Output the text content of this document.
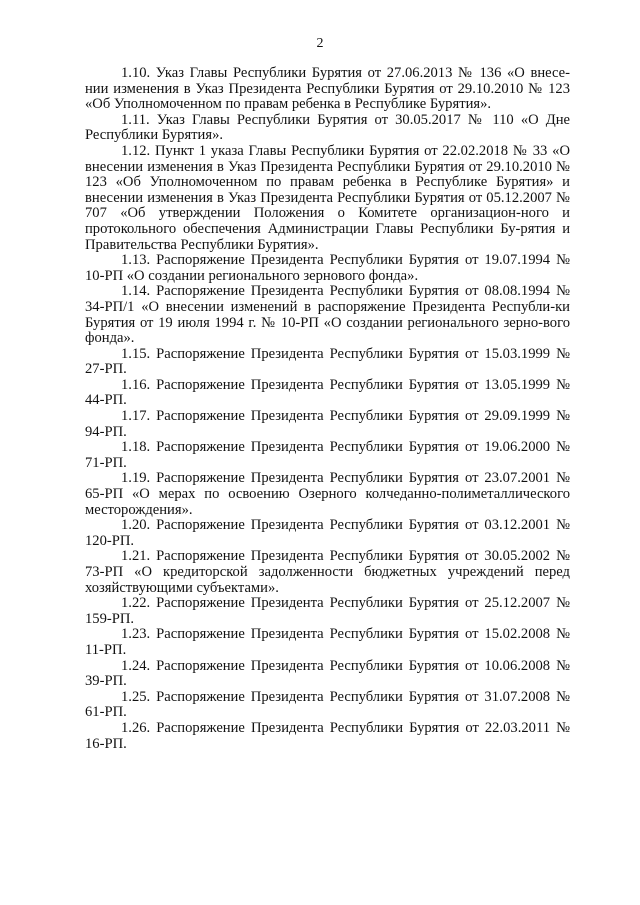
2

1.10. Указ Главы Республики Бурятия от 27.06.2013 № 136 «О внесе-нии изменения в Указ Президента Республики Бурятия от 29.10.2010 № 123 «Об Уполномоченном по правам ребенка в Республике Бурятия».

1.11. Указ Главы Республики Бурятия от 30.05.2017 № 110 «О Дне Республики Бурятия».

1.12. Пункт 1 указа Главы Республики Бурятия от 22.02.2018 № 33 «О внесении изменения в Указ Президента Республики Бурятия от 29.10.2010 № 123 «Об Уполномоченном по правам ребенка в Республике Бурятия» и внесении изменения в Указ Президента Республики Бурятия от 05.12.2007 № 707 «Об утверждении Положения о Комитете организацион-ного и протокольного обеспечения Администрации Главы Республики Бу-рятия и Правительства Республики Бурятия».

1.13. Распоряжение Президента Республики Бурятия от 19.07.1994 № 10-РП «О создании регионального зернового фонда».

1.14. Распоряжение Президента Республики Бурятия от 08.08.1994 № 34-РП/1 «О внесении изменений в распоряжение Президента Республи-ки Бурятия от 19 июля 1994 г. № 10-РП «О создании регионального зерно-вого фонда».

1.15. Распоряжение Президента Республики Бурятия от 15.03.1999 № 27-РП.

1.16. Распоряжение Президента Республики Бурятия от 13.05.1999 № 44-РП.

1.17. Распоряжение Президента Республики Бурятия от 29.09.1999 № 94-РП.

1.18. Распоряжение Президента Республики Бурятия от 19.06.2000 № 71-РП.

1.19. Распоряжение Президента Республики Бурятия от 23.07.2001 № 65-РП «О мерах по освоению Озерного колчеданно-полиметаллического месторождения».

1.20. Распоряжение Президента Республики Бурятия от 03.12.2001 № 120-РП.

1.21. Распоряжение Президента Республики Бурятия от 30.05.2002 № 73-РП «О кредиторской задолженности бюджетных учреждений перед хозяйствующими субъектами».

1.22. Распоряжение Президента Республики Бурятия от 25.12.2007 № 159-РП.

1.23. Распоряжение Президента Республики Бурятия от 15.02.2008 № 11-РП.

1.24. Распоряжение Президента Республики Бурятия от 10.06.2008 № 39-РП.

1.25. Распоряжение Президента Республики Бурятия от 31.07.2008 № 61-РП.

1.26. Распоряжение Президента Республики Бурятия от 22.03.2011 № 16-РП.
